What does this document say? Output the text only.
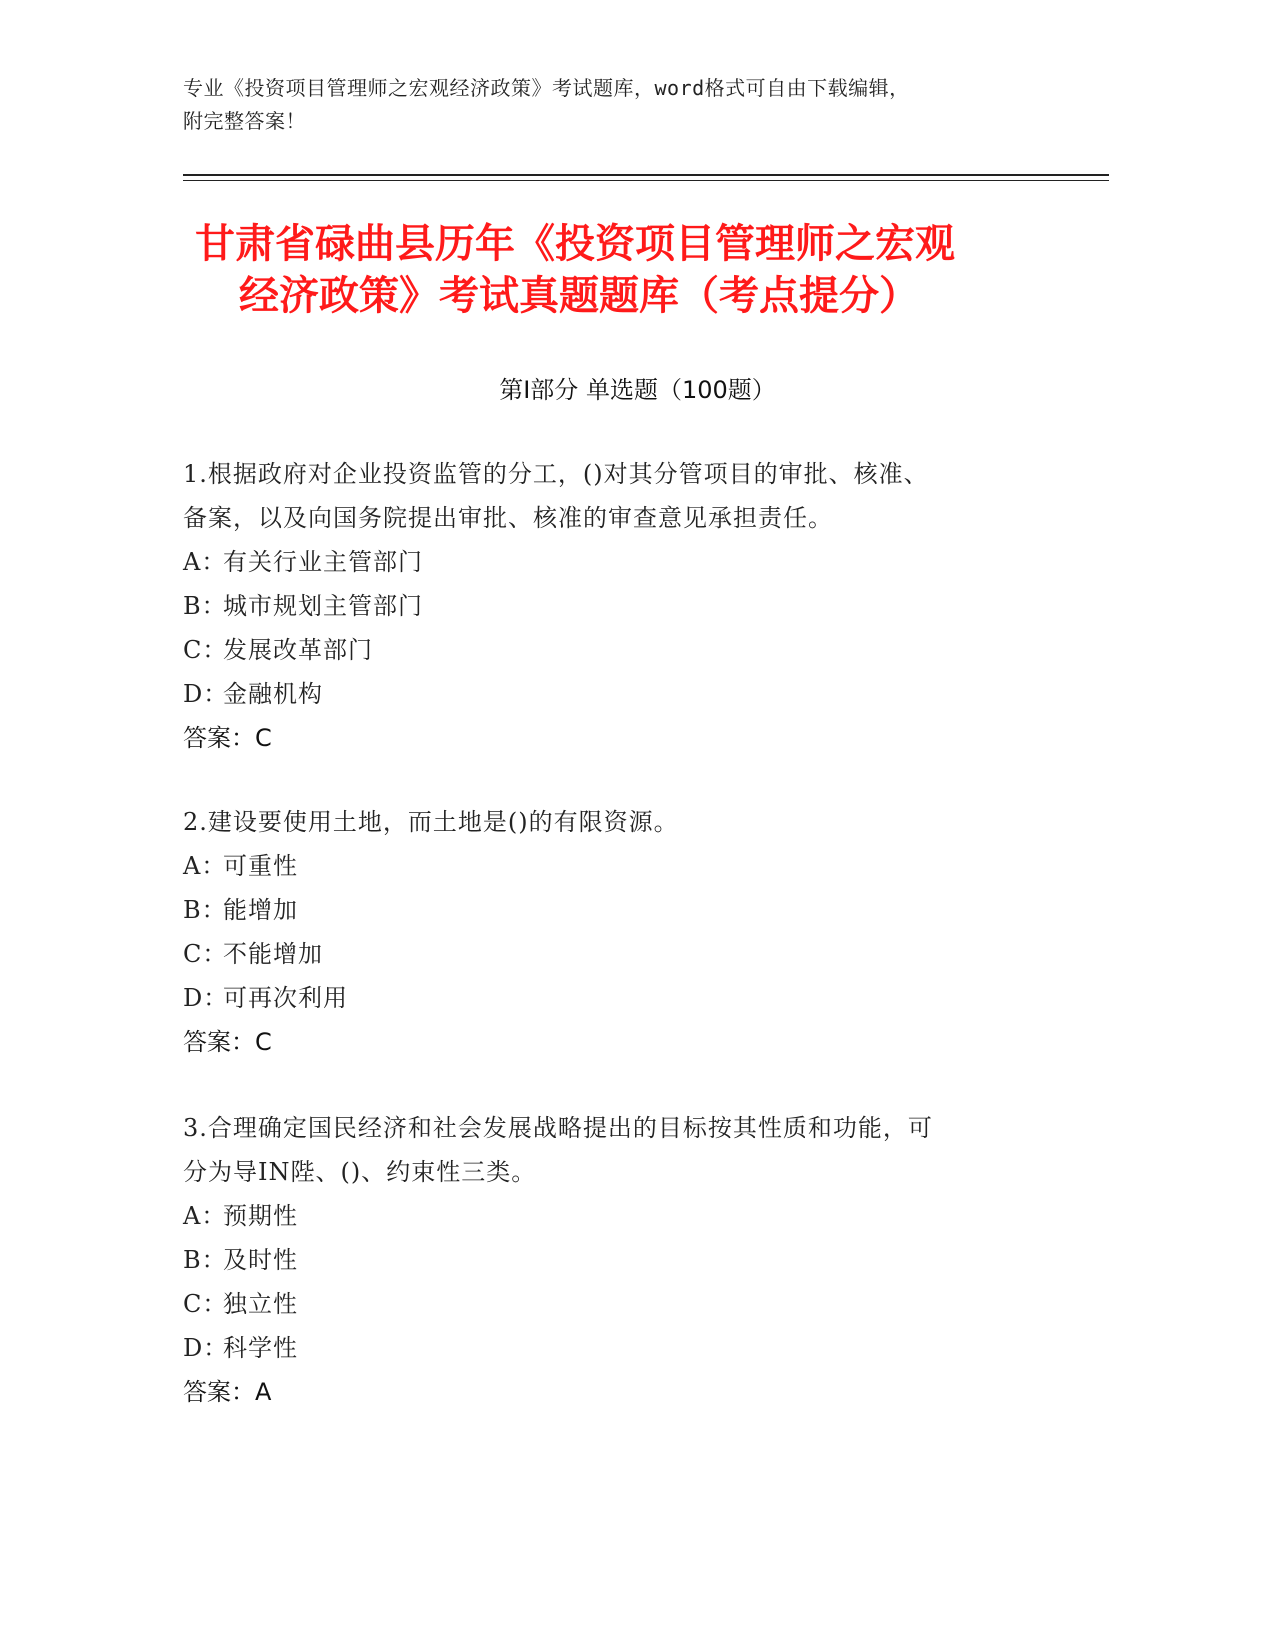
专业《投资项目管理师之宏观经济政策》考试题库，word格式可自由下载编辑，
附完整答案！
甘肃省碌曲县历年《投资项目管理师之宏观
经济政策》考试真题题库（考点提分）
第Ⅰ部分 单选题（100题）
1.根据政府对企业投资监管的分工，()对其分管项目的审批、核准、
备案，以及向国务院提出审批、核准的审查意见承担责任。
A：有关行业主管部门
B：城市规划主管部门
C：发展改革部门
D：金融机构
答案：C
2.建设要使用土地，而土地是()的有限资源。
A：可重性
B：能增加
C：不能增加
D：可再次利用
答案：C
3.合理确定国民经济和社会发展战略提出的目标按其性质和功能，可
分为导IN陛、()、约束性三类。
A：预期性
B：及时性
C：独立性
D：科学性
答案：A
